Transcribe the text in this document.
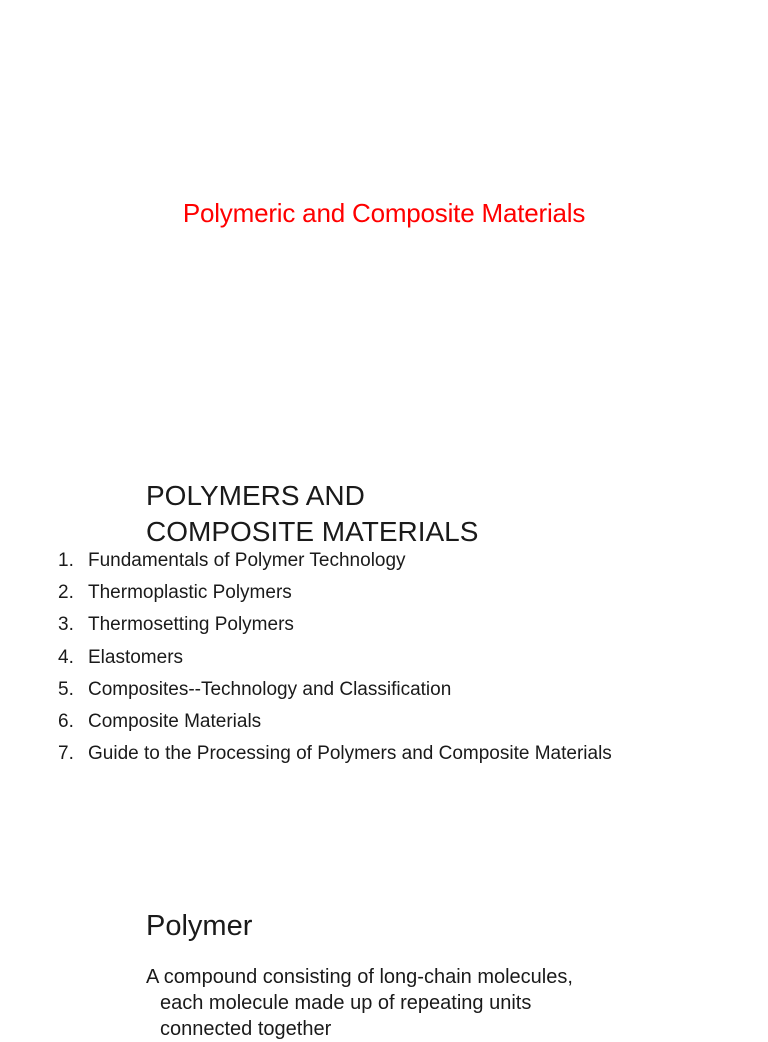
Polymeric and Composite Materials
POLYMERS AND
COMPOSITE MATERIALS
1. Fundamentals of Polymer Technology
2. Thermoplastic Polymers
3. Thermosetting Polymers
4. Elastomers
5. Composites--Technology and Classification
6. Composite Materials
7. Guide to the Processing of Polymers and Composite Materials
Polymer
A compound consisting of long-chain molecules,
each molecule made up of repeating units
connected together
